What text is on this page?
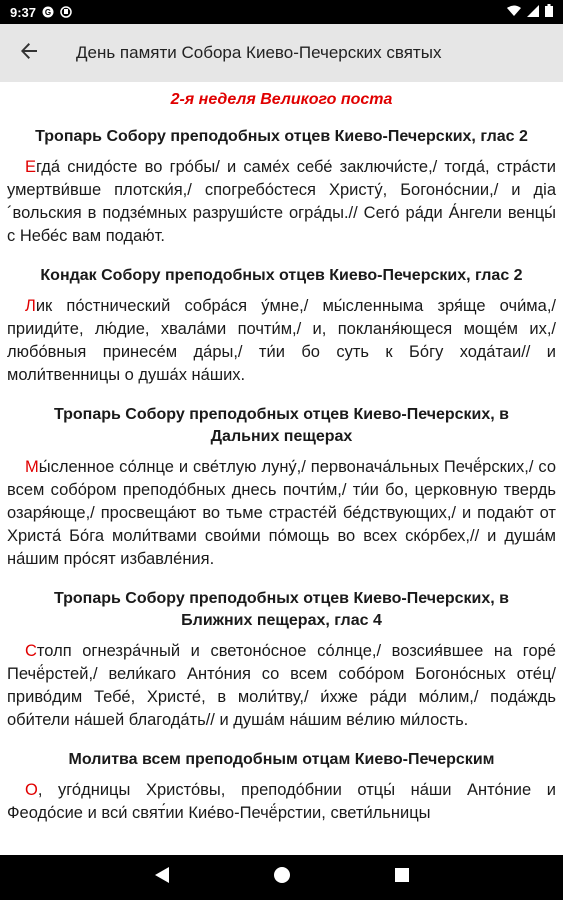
9:37 G
День памяти Собора Киево-Печерских святых
2-я неделя Великого поста
Тропарь Собору преподобных отцев Киево-Печерских, глас 2

Егда́ снидо́сте во гро́бы/ и саме́х себе́ заключи́сте,/ тогда́, стра́сти умертви́вше плотски́я,/ спогребо́стеся Христу́, Богоно́снии,/ и дia´вольския в подзе́мных разруши́сте огра́ды.// Сего́ ра́ди А́нгели венцы́ с Небе́с вам подаю́т.

Кондак Собору преподобных отцев Киево-Печерских, глас 2

Лик по́стнический собра́ся у́мне,/ мы́сленныма зря́ще очи́ма,/ прииди́те, лю́дие, хвала́ми почти́м,/ и, покланя́ющеся моще́м их,/ любо́вныя принесе́м да́ры,/ ти́и бо суть к Бо́гу хода́таи// и моли́твенницы о душа́х на́ших.

Тропарь Собору преподобных отцев Киево-Печерских, в Дальних пещерах

Мы́сленное со́лнце и све́тлую луну́,/ первонача́льных Печё́рских,/ со всем собо́ром преподо́бных днесь почти́м,/ ти́и бо, церковную твердь озаря́юще,/ просвеща́ют во тьме страсте́й бе́дствующих,/ и подаю́т от Христа́ Бо́га моли́твами свои́ми по́мощь во всех ско́рбех,// и душа́м на́шим про́сят избавле́ния.

Тропарь Собору преподобных отцев Киево-Печерских, в Ближних пещерах, глас 4

Столп огнезра́чный и светоно́сное со́лнце,/ возсия́вшее на горе́ Печё́рстей,/ вели́каго Анто́ния со всем собо́ром Богоно́сных оте́ц/ приво́дим Тебе́, Христе́, в моли́тву,/ и́хже ра́ди мо́лим,/ пода́ждь оби́тели на́шей благода́ть// и душа́м на́шим ве́лию ми́лость.

Молитва всем преподобным отцам Киево-Печерским

О, уго́дницы Христо́вы, преподо́бнии отцы́ на́ши Анто́ние и Феодо́сие и вси́ свят́ии Кие́во-Печё́рстии, свети́льницы
